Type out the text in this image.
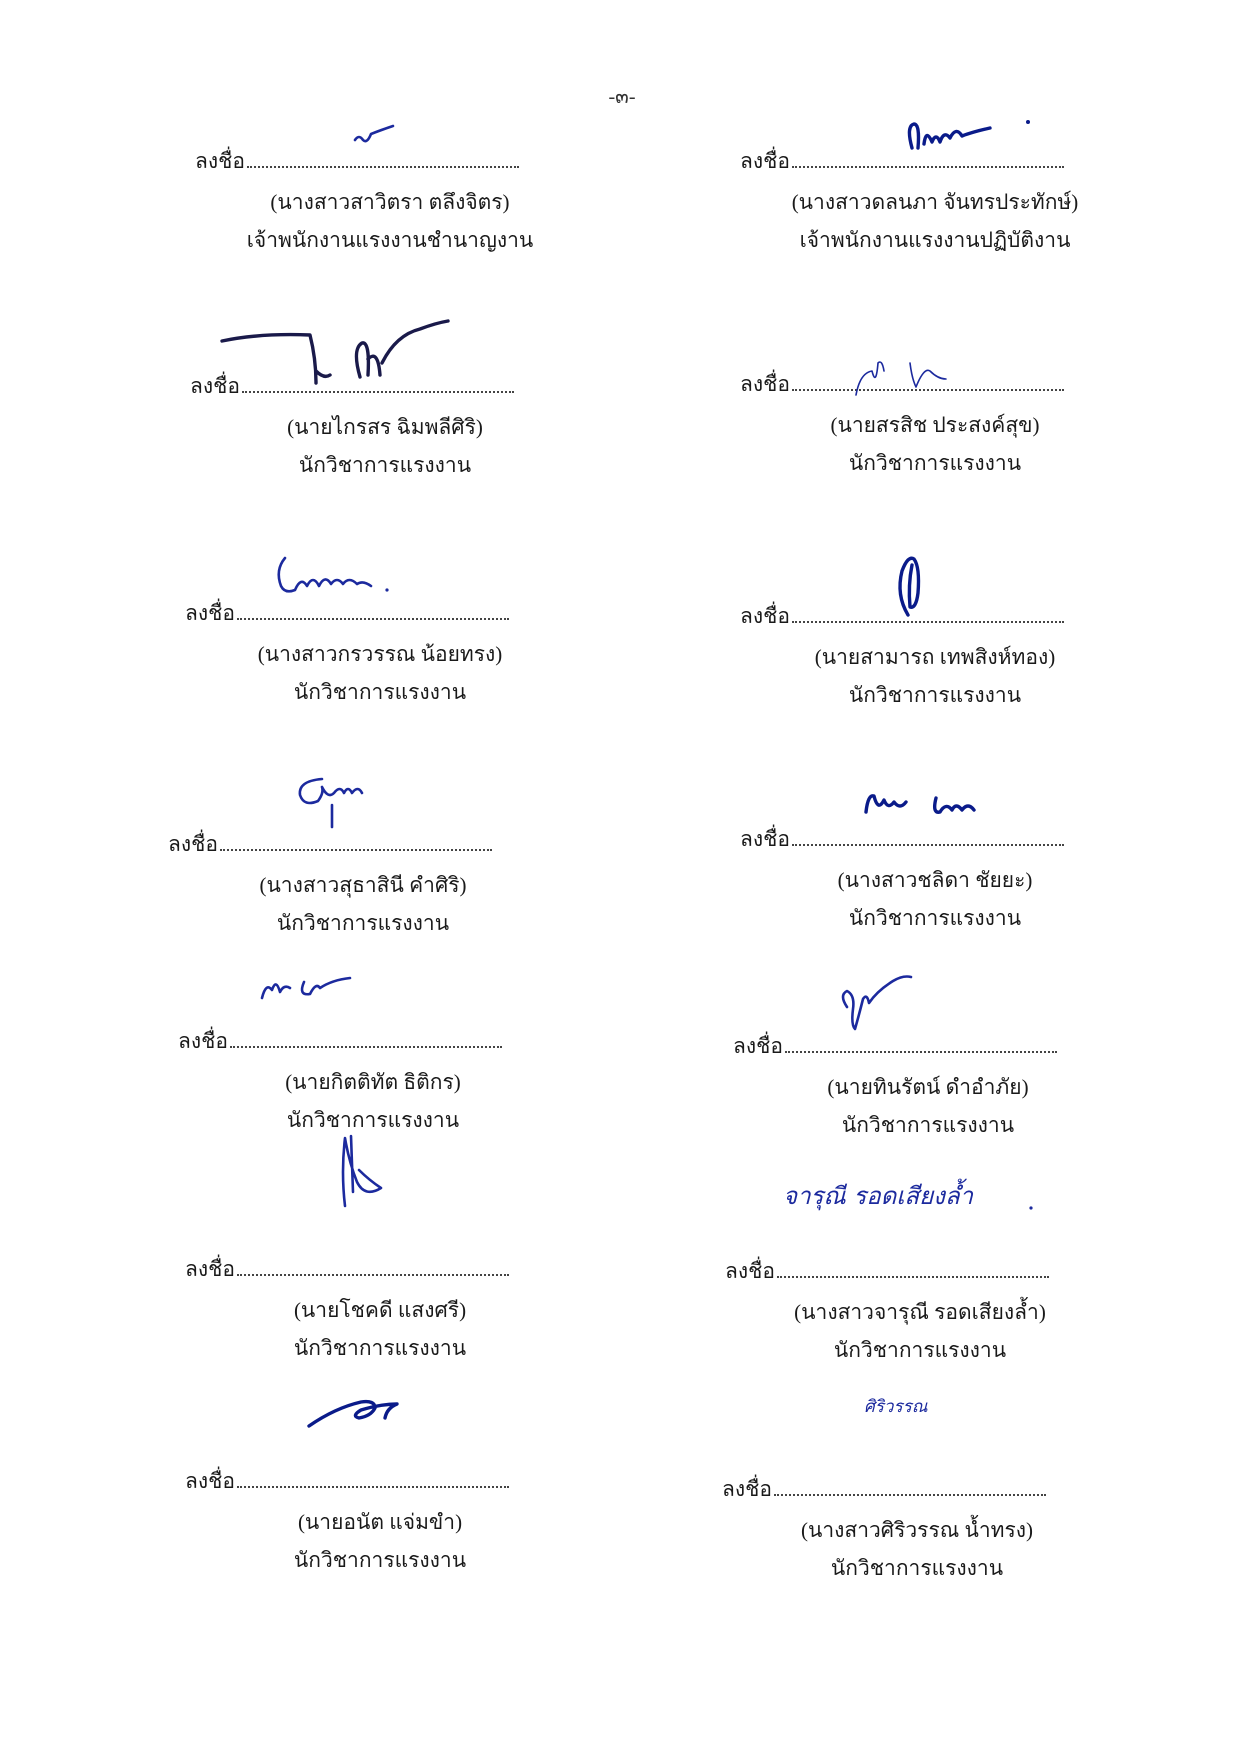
-๓-
ลงชื่อ
(นางสาวสาวิตรา ตลึงจิตร)
เจ้าพนักงานแรงงานชำนาญงาน
ลงชื่อ
(นางสาวดลนภา จันทรประทักษ์)
เจ้าพนักงานแรงงานปฏิบัติงาน
ลงชื่อ
(นายไกรสร ฉิมพลีศิริ)
นักวิชาการแรงงาน
ลงชื่อ
(นายสรสิช ประสงค์สุข)
นักวิชาการแรงงาน
ลงชื่อ
(นางสาวกรวรรณ น้อยทรง)
นักวิชาการแรงงาน
ลงชื่อ
(นายสามารถ เทพสิงห์ทอง)
นักวิชาการแรงงาน
ลงชื่อ
(นางสาวสุธาสินี คำศิริ)
นักวิชาการแรงงาน
ลงชื่อ
(นางสาวชลิดา ชัยยะ)
นักวิชาการแรงงาน
ลงชื่อ
(นายกิตติทัต ธิติกร)
นักวิชาการแรงงาน
ลงชื่อ
(นายทินรัตน์ ดำอำภัย)
นักวิชาการแรงงาน
ลงชื่อ
(นายโชคดี แสงศรี)
นักวิชาการแรงงาน
ลงชื่อ
จารุณี รอดเสียงล้ำ
(นางสาวจารุณี รอดเสียงล้ำ)
นักวิชาการแรงงาน
ลงชื่อ
(นายอนัต แจ่มขำ)
นักวิชาการแรงงาน
ลงชื่อ
ศิริวรรณ
(นางสาวศิริวรรณ น้ำทรง)
นักวิชาการแรงงาน
